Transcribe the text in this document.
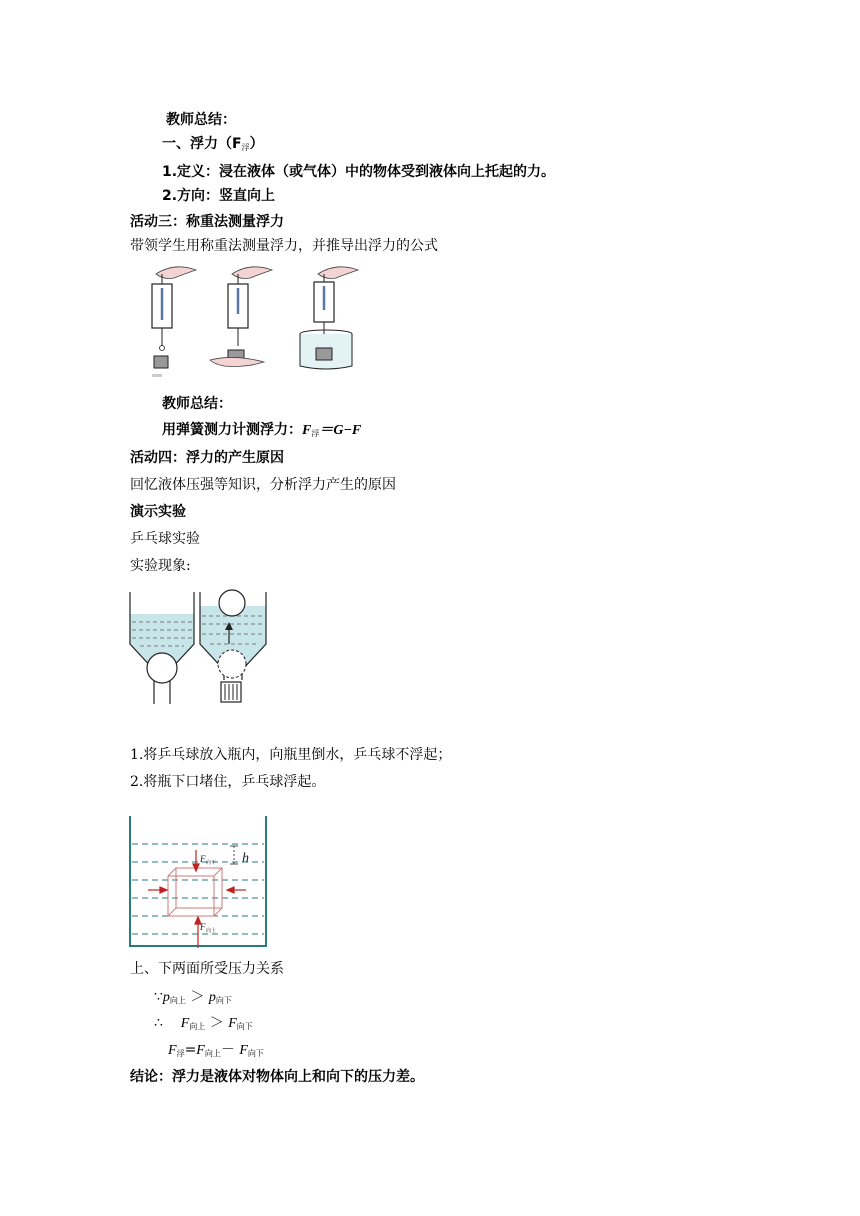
教师总结：
一、浮力$(F_浮)$
1.定义：浸在液体（或气体）中的物体受到液体向上托起的力。
2.方向：竖直向上
活动三：称重法测量浮力
带领学生用称重法测量浮力，并推导出浮力的公式
教师总结：
用弹簧测力计测浮力：$F_浮=G-F$
活动四：浮力的产生原因
回忆液体压强等知识，分析浮力产生的原因
演示实验
乒乓球实验
实验现象:
1.将乒乓球放入瓶内，向瓶里倒水，乒乓球不浮起；
2.将瓶下口堵住，乒乓球浮起。
h
F 向下
F 向上
上、下两面所受压力关系
$\because p_{向上} > p_{向下}$
∴ $F_{向上} > F_{向下}$
$F_浮=F_{向上}- F_{向下}$
结论：浮力是液体对物体向上和向下的压力差。
